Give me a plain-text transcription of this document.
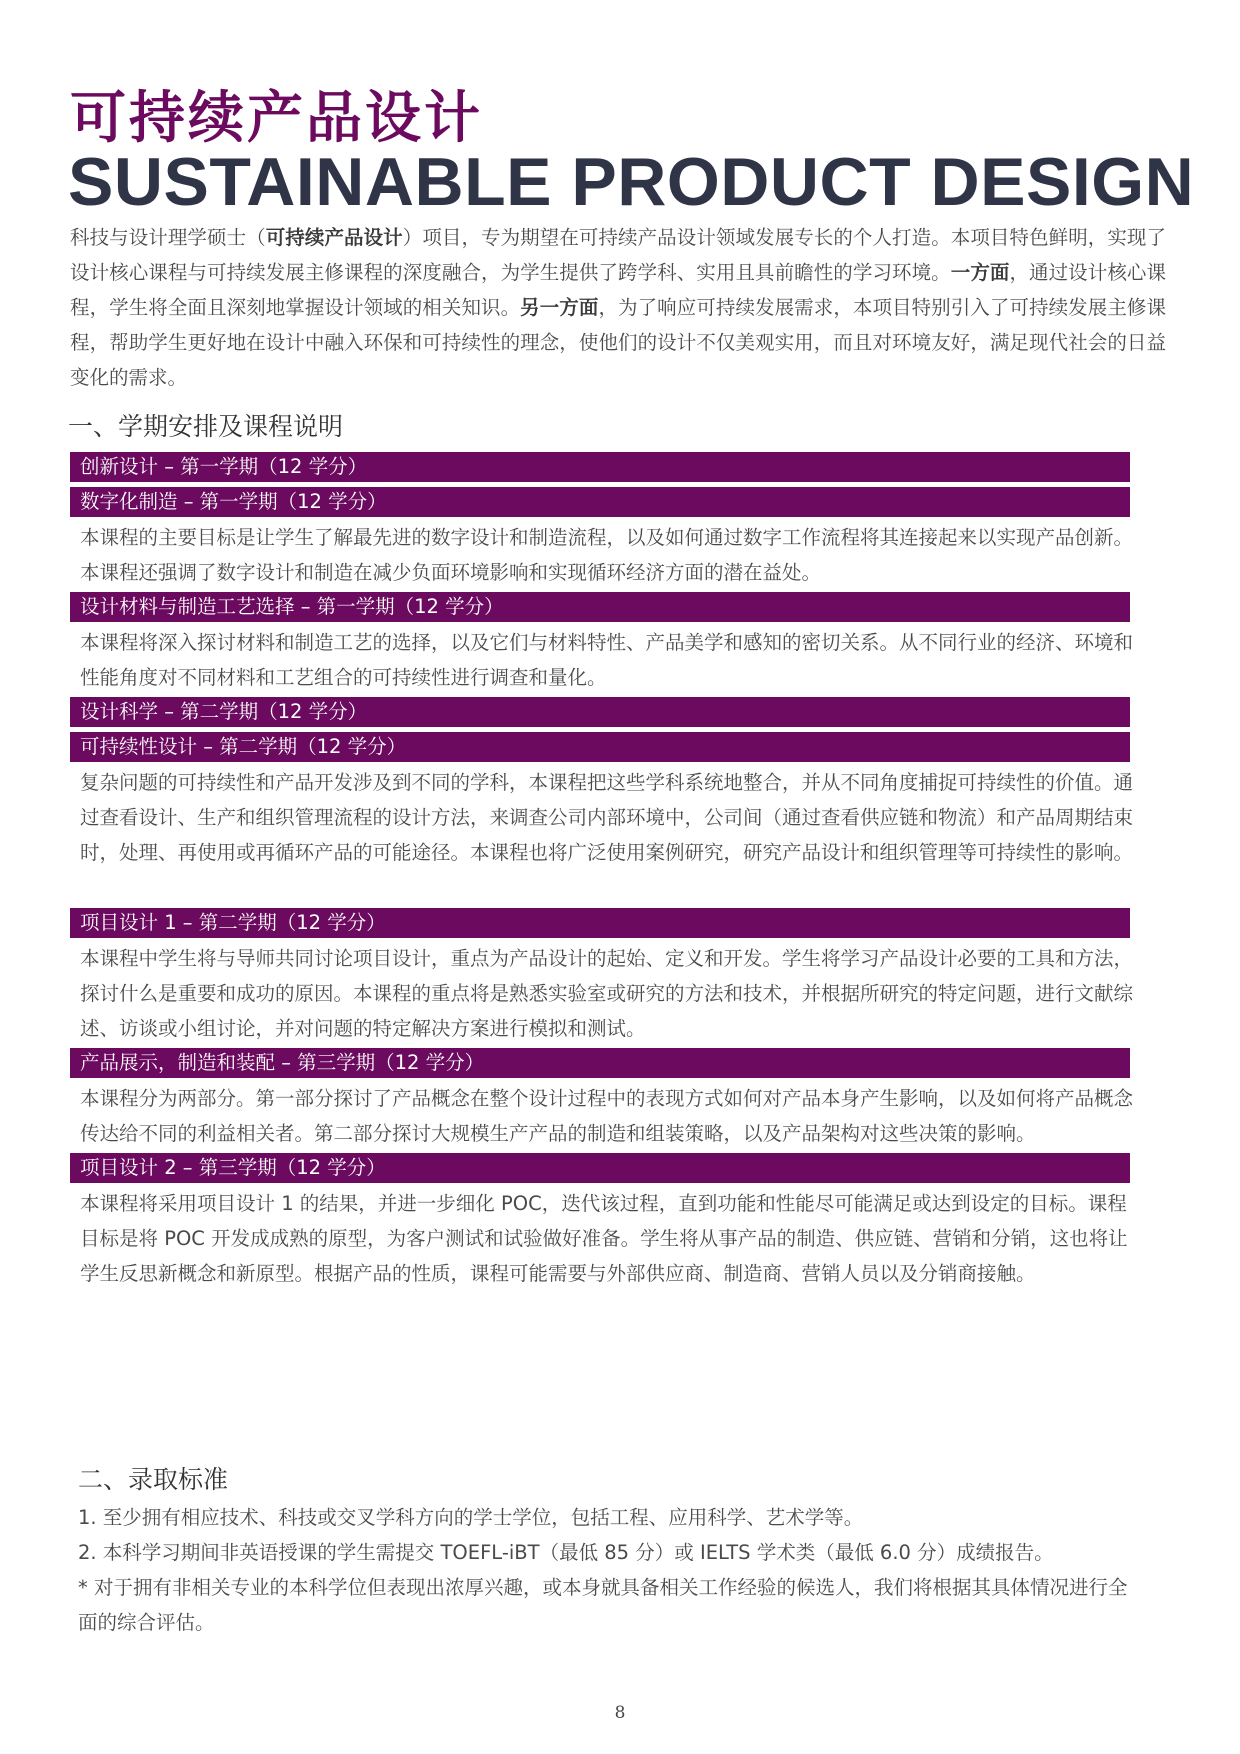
可持续产品设计
SUSTAINABLE PRODUCT DESIGN
科技与设计理学硕士（可持续产品设计）项目，专为期望在可持续产品设计领域发展专长的个人打造。本项目特色鲜明，实现了设计核心课程与可持续发展主修课程的深度融合，为学生提供了跨学科、实用且具前瞻性的学习环境。一方面，通过设计核心课程，学生将全面且深刻地掌握设计领域的相关知识。另一方面，为了响应可持续发展需求，本项目特别引入了可持续发展主修课程，帮助学生更好地在设计中融入环保和可持续性的理念，使他们的设计不仅美观实用，而且对环境友好，满足现代社会的日益变化的需求。
一、学期安排及课程说明
创新设计 – 第一学期（12 学分）
数字化制造 – 第一学期（12 学分）
本课程的主要目标是让学生了解最先进的数字设计和制造流程，以及如何通过数字工作流程将其连接起来以实现产品创新。本课程还强调了数字设计和制造在减少负面环境影响和实现循环经济方面的潜在益处。
设计材料与制造工艺选择 – 第一学期（12 学分）
本课程将深入探讨材料和制造工艺的选择，以及它们与材料特性、产品美学和感知的密切关系。从不同行业的经济、环境和性能角度对不同材料和工艺组合的可持续性进行调查和量化。
设计科学 – 第二学期（12 学分）
可持续性设计 – 第二学期（12 学分）
复杂问题的可持续性和产品开发涉及到不同的学科，本课程把这些学科系统地整合，并从不同角度捕捉可持续性的价值。通过查看设计、生产和组织管理流程的设计方法，来调查公司内部环境中，公司间（通过查看供应链和物流）和产品周期结束时，处理、再使用或再循环产品的可能途径。本课程也将广泛使用案例研究，研究产品设计和组织管理等可持续性的影响。
项目设计 1 – 第二学期（12 学分）
本课程中学生将与导师共同讨论项目设计，重点为产品设计的起始、定义和开发。学生将学习产品设计必要的工具和方法，探讨什么是重要和成功的原因。本课程的重点将是熟悉实验室或研究的方法和技术，并根据所研究的特定问题，进行文献综述、访谈或小组讨论，并对问题的特定解决方案进行模拟和测试。
产品展示，制造和装配 – 第三学期（12 学分）
本课程分为两部分。第一部分探讨了产品概念在整个设计过程中的表现方式如何对产品本身产生影响，以及如何将产品概念传达给不同的利益相关者。第二部分探讨大规模生产产品的制造和组装策略，以及产品架构对这些决策的影响。
项目设计 2 – 第三学期（12 学分）
本课程将采用项目设计 1 的结果，并进一步细化 POC，迭代该过程，直到功能和性能尽可能满足或达到设定的目标。课程目标是将 POC 开发成成熟的原型，为客户测试和试验做好准备。学生将从事产品的制造、供应链、营销和分销，这也将让学生反思新概念和新原型。根据产品的性质，课程可能需要与外部供应商、制造商、营销人员以及分销商接触。
二、录取标准
1. 至少拥有相应技术、科技或交叉学科方向的学士学位，包括工程、应用科学、艺术学等。
2. 本科学习期间非英语授课的学生需提交 TOEFL-iBT（最低 85 分）或 IELTS 学术类（最低 6.0 分）成绩报告。
* 对于拥有非相关专业的本科学位但表现出浓厚兴趣，或本身就具备相关工作经验的候选人，我们将根据其具体情况进行全面的综合评估。
8
